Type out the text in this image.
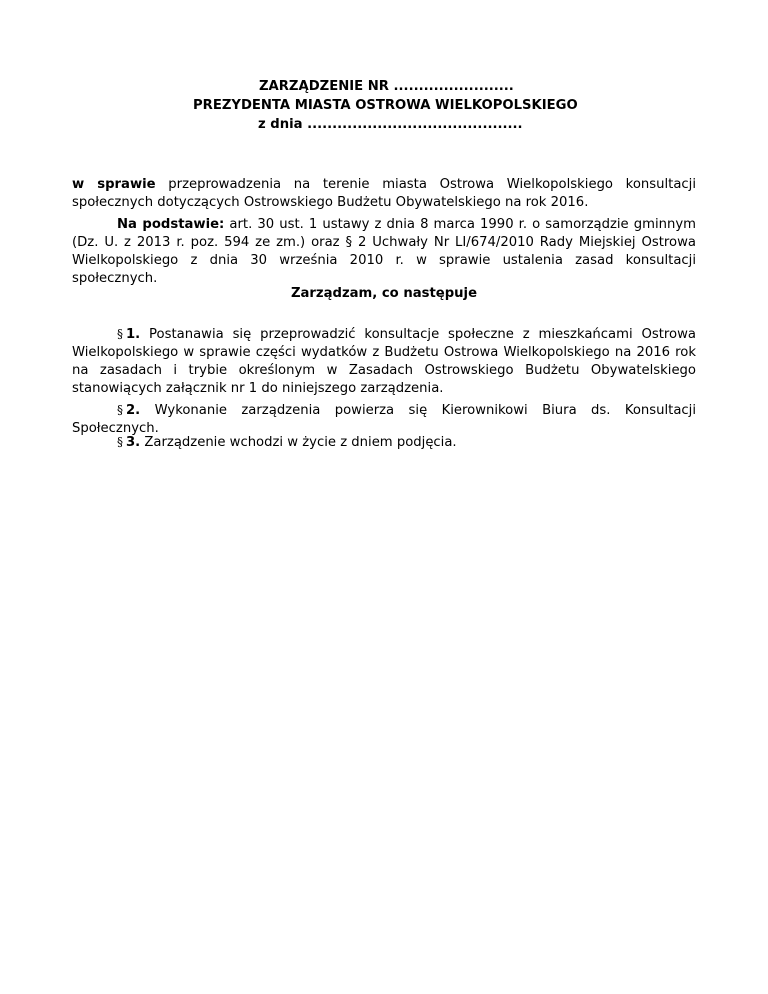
ZARZĄDZENIE NR ........................
PREZYDENTA MIASTA OSTROWA WIELKOPOLSKIEGO
z dnia ...........................................

w sprawie przeprowadzenia na terenie miasta Ostrowa Wielkopolskiego konsultacji społecznych dotyczących Ostrowskiego Budżetu Obywatelskiego na rok 2016.

Na podstawie: art. 30 ust. 1 ustawy z dnia 8 marca 1990 r. o samorządzie gminnym (Dz. U. z 2013 r. poz. 594 ze zm.) oraz § 2 Uchwały Nr LI/674/2010 Rady Miejskiej Ostrowa Wielkopolskiego z dnia 30 września 2010 r. w sprawie ustalenia zasad konsultacji społecznych.

Zarządzam, co następuje

§ 1. Postanawia się przeprowadzić konsultacje społeczne z mieszkańcami Ostrowa Wielkopolskiego w sprawie części wydatków z Budżetu Ostrowa Wielkopolskiego na 2016 rok na zasadach i trybie określonym w Zasadach Ostrowskiego Budżetu Obywatelskiego stanowiących załącznik nr 1 do niniejszego zarządzenia.

§ 2. Wykonanie zarządzenia powierza się Kierownikowi Biura ds. Konsultacji Społecznych.

§ 3. Zarządzenie wchodzi w życie z dniem podjęcia.
